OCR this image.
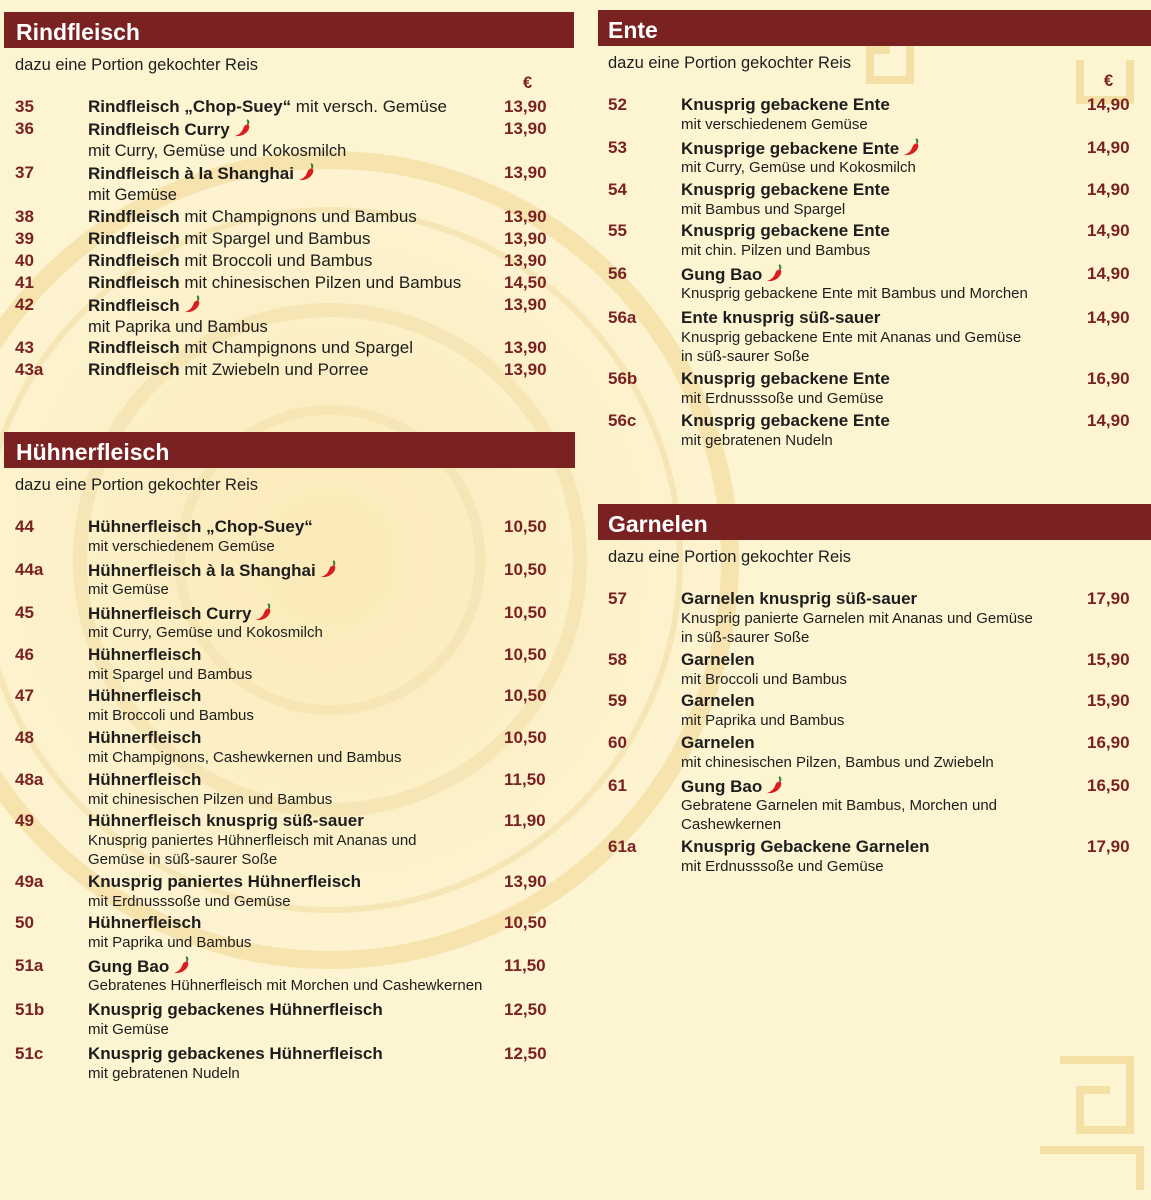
Rindfleisch
dazu eine Portion gekochter Reis
€
35	Rindfleisch „Chop-Suey“ mit versch. Gemüse	13,90
36	Rindfleisch Curry	13,90
mit Curry, Gemüse und Kokosmilch
37	Rindfleisch à la Shanghai	13,90
mit Gemüse
38	Rindfleisch mit Champignons und Bambus	13,90
39	Rindfleisch mit Spargel und Bambus	13,90
40	Rindfleisch mit Broccoli und Bambus	13,90
41	Rindfleisch mit chinesischen Pilzen und Bambus	14,50
42	Rindfleisch	13,90
mit Paprika und Bambus
43	Rindfleisch mit Champignons und Spargel	13,90
43a	Rindfleisch mit Zwiebeln und Porree	13,90
Hühnerfleisch
dazu eine Portion gekochter Reis
44	Hühnerfleisch „Chop-Suey“	10,50
mit verschiedenem Gemüse
44a	Hühnerfleisch à la Shanghai	10,50
mit Gemüse
45	Hühnerfleisch Curry	10,50
mit Curry, Gemüse und Kokosmilch
46	Hühnerfleisch	10,50
mit Spargel und Bambus
47	Hühnerfleisch	10,50
mit Broccoli und Bambus
48	Hühnerfleisch	10,50
mit Champignons, Cashewkernen und Bambus
48a	Hühnerfleisch	11,50
mit chinesischen Pilzen und Bambus
49	Hühnerfleisch knusprig süß-sauer	11,90
Knusprig paniertes Hühnerfleisch mit Ananas und
Gemüse in süß-saurer Soße
49a	Knusprig paniertes Hühnerfleisch	13,90
mit Erdnusssoße und Gemüse
50	Hühnerfleisch	10,50
mit Paprika und Bambus
51a	Gung Bao	11,50
Gebratenes Hühnerfleisch mit Morchen und Cashewkernen
51b	Knusprig gebackenes Hühnerfleisch	12,50
mit Gemüse
51c	Knusprig gebackenes Hühnerfleisch	12,50
mit gebratenen Nudeln
Ente
dazu eine Portion gekochter Reis
€
52	Knusprig gebackene Ente	14,90
mit verschiedenem Gemüse
53	Knusprige gebackene Ente	14,90
mit Curry, Gemüse und Kokosmilch
54	Knusprig gebackene Ente	14,90
mit Bambus und Spargel
55	Knusprig gebackene Ente	14,90
mit chin. Pilzen und Bambus
56	Gung Bao	14,90
Knusprig gebackene Ente mit Bambus und Morchen
56a	Ente knusprig süß-sauer	14,90
Knusprig gebackene Ente mit Ananas und Gemüse
in süß-saurer Soße
56b	Knusprig gebackene Ente	16,90
mit Erdnusssoße und Gemüse
56c	Knusprig gebackene Ente	14,90
mit gebratenen Nudeln
Garnelen
dazu eine Portion gekochter Reis
57	Garnelen knusprig süß-sauer	17,90
Knusprig panierte Garnelen mit Ananas und Gemüse
in süß-saurer Soße
58	Garnelen	15,90
mit Broccoli und Bambus
59	Garnelen	15,90
mit Paprika und Bambus
60	Garnelen	16,90
mit chinesischen Pilzen, Bambus und Zwiebeln
61	Gung Bao	16,50
Gebratene Garnelen mit Bambus, Morchen und
Cashewkernen
61a	Knusprig Gebackene Garnelen	17,90
mit Erdnusssoße und Gemüse
